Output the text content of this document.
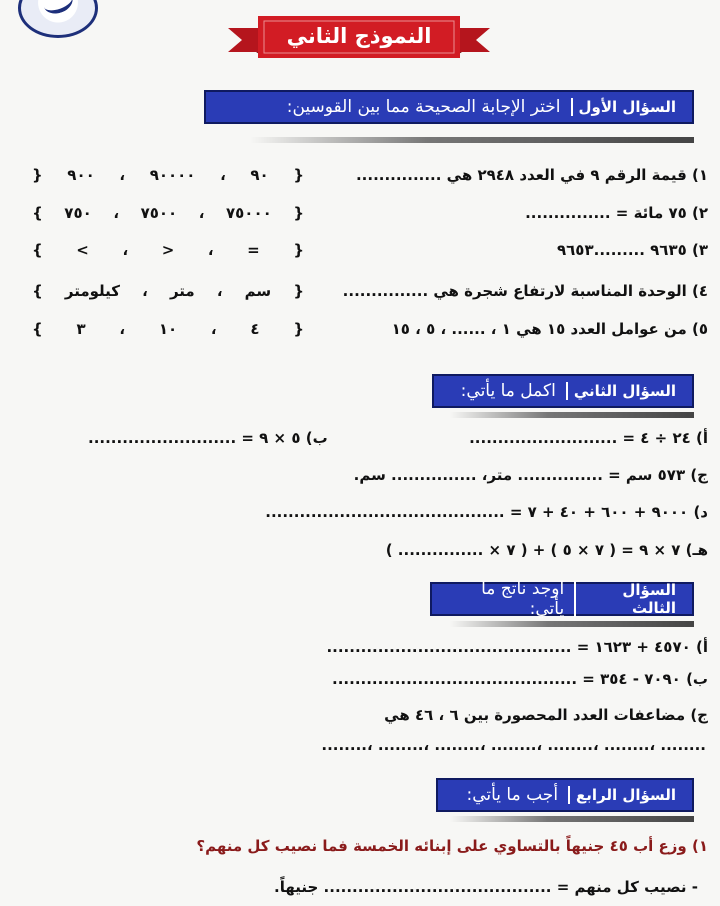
النموذج الثاني
السؤال الأول
اختر الإجابة الصحيحة مما بين القوسين:
١) قيمة الرقم ٩ في العدد ٢٩٤٨ هي ...............
{
٩٠
،
٩٠٠٠٠
،
٩٠٠
{
٢) ٧٥ مائة = ...............
{
٧٥٠٠٠
،
٧٥٠٠
،
٧٥٠
}
٣) ٩٦٣٥ .........٩٦٥٣
{
=
،
<
،
>
}
٤) الوحدة المناسبة لارتفاع شجرة هي ...............
{
سم
،
متر
،
كيلومتر
}
٥) من عوامل العدد ١٥ هي ١ ، ...... ، ٥ ، ١٥
{
٤
،
١٠
،
٣
}
السؤال الثاني
اكمل ما يأتي:
أ) ٢٤ ÷ ٤ = ..........................
ب) ٥ × ٩ = ..........................
ج) ٥٧٣ سم = ............... متر، ............... سم.
د) ٩٠٠٠ + ٦٠٠ + ٤٠ + ٧ = ..........................................
هـ) ٧ × ٩ = ( ٧ × ٥ ) + ( ٧ × ............... )
السؤال الثالث
اوجد ناتج ما يأتي:
أ) ٤٥٧٠ + ١٦٢٣ = ...........................................
ب) ٧٠٩٠ - ٣٥٤ = ...........................................
ج) مضاعفات العدد المحصورة بين ٦ ، ٤٦ هي
........، ........، ........، ........، ........، ........، ........
السؤال الرابع
أجب ما يأتي:
١) وزع أب ٤٥ جنيهاً بالتساوي على إبنائه الخمسة فما نصيب كل منهم؟
- نصيب كل منهم = ........................................ جنيهاً.
